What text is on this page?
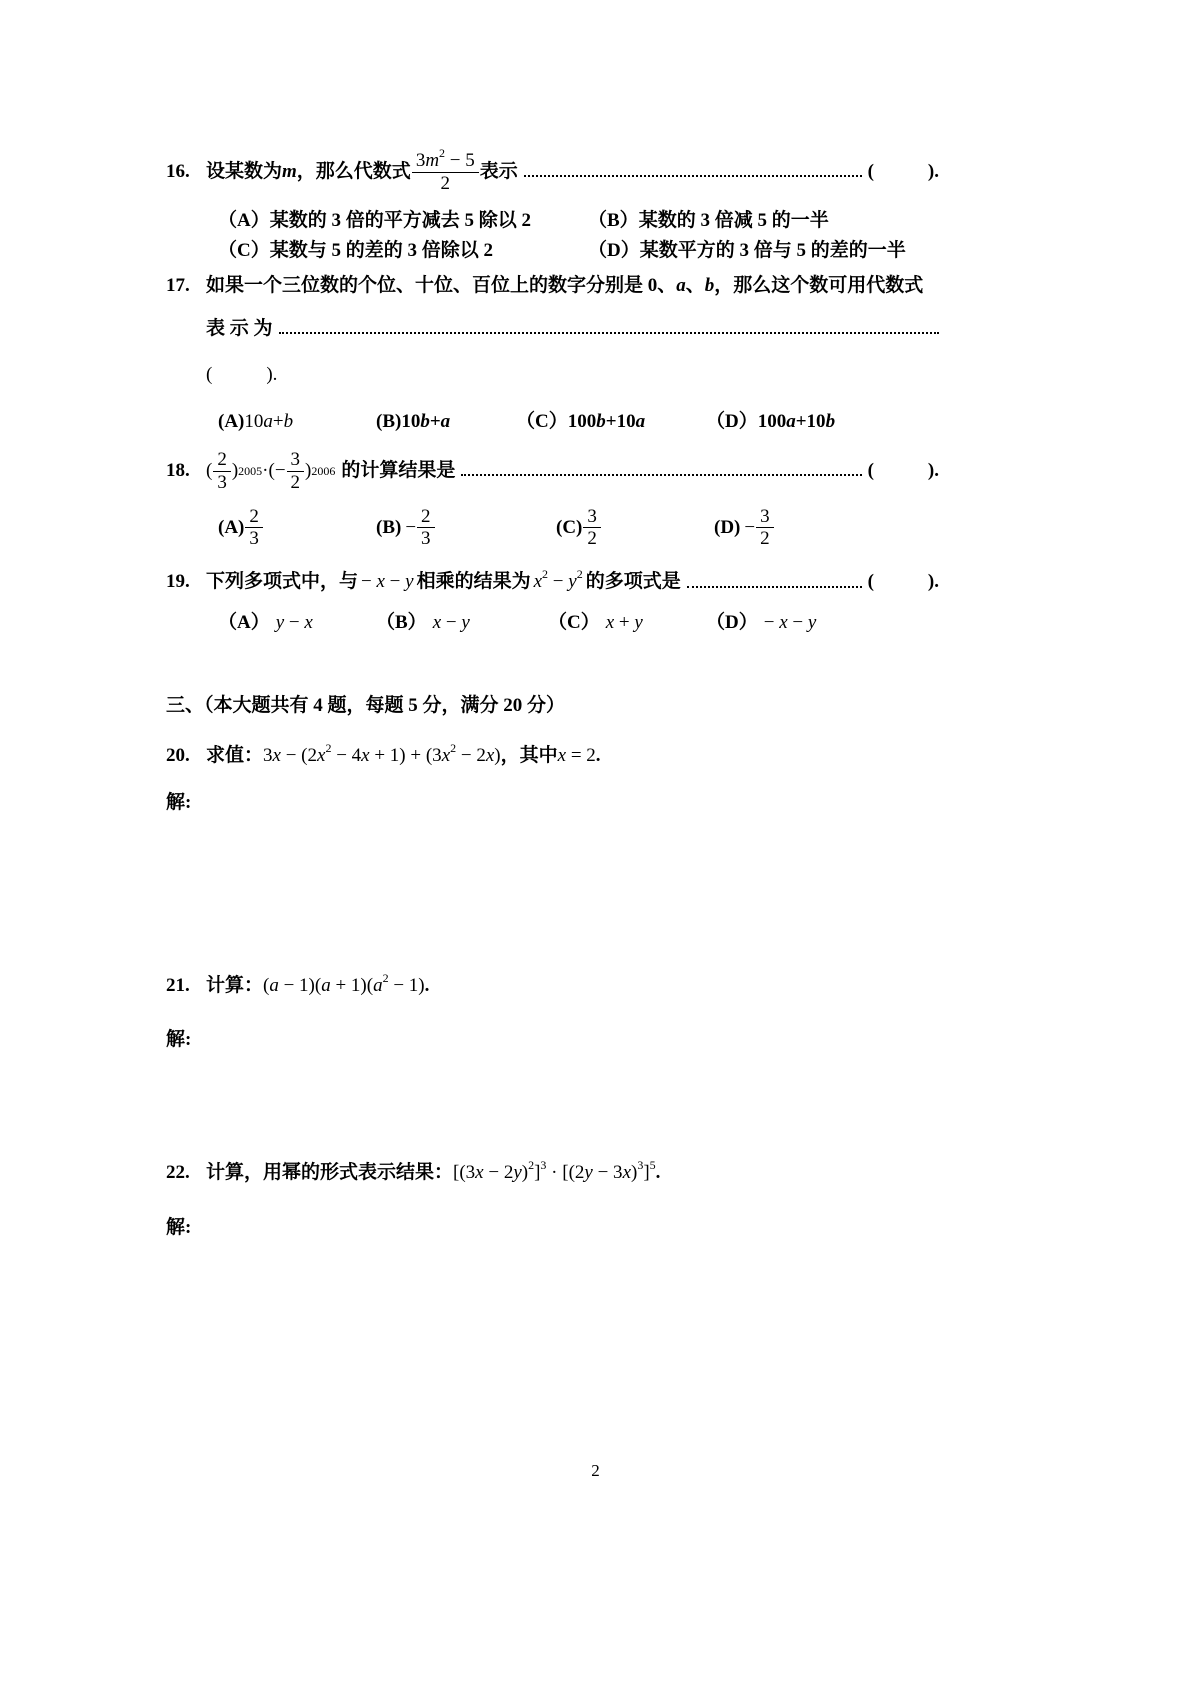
16. 设某数为 m ，那么代数式 $\frac{3m^2 - 5}{2}$ 表示	(	).
（A）某数的 3 倍的平方减去 5 除以 2	（B）某数的 3 倍减 5 的一半
（C）某数与 5 的差的 3 倍除以 2	（D）某数平方的 3 倍与 5 的差的一半
17. 如果一个三位数的个位、十位、百位上的数字分别是 0、 a 、 b ，那么这个数可用代数式
表 示 为
(	).
(A) 10 a + b	(B) 10 b + a	（C） 100 b + 10 a	（D） 100 a +10 b
18. ( $\frac{2}{3}$ ) 2005 · ( − $\frac{3}{2}$ ) 2006 的计算结果是	(	).
$(A) \frac{2}{3}$	$(B) - \frac{2}{3}$	$(C) \frac{3}{2}$	$(D) - \frac{3}{2}$
19. 下列多项式中，与 − x − y 相乘的结果为 $x^2 - y^2$ 的多项式是	(	).
（A） y − x	（B） x − y	（C） x + y	（D） − x − y
三、（本大题共有 4 题，每题 5 分，满分 20 分）
20. 求值： $3x - (2x^2 - 4x + 1) + (3x^2 - 2x)$ ，其中 x = 2 .
解:
21. 计算： $(a - 1)(a + 1)(a^2 - 1)$ .
解:
22. 计算，用幂的形式表示结果： $[(3x - 2y)^2]^3 \cdot [(2y - 3x)^3]^5$ .
解:
2
